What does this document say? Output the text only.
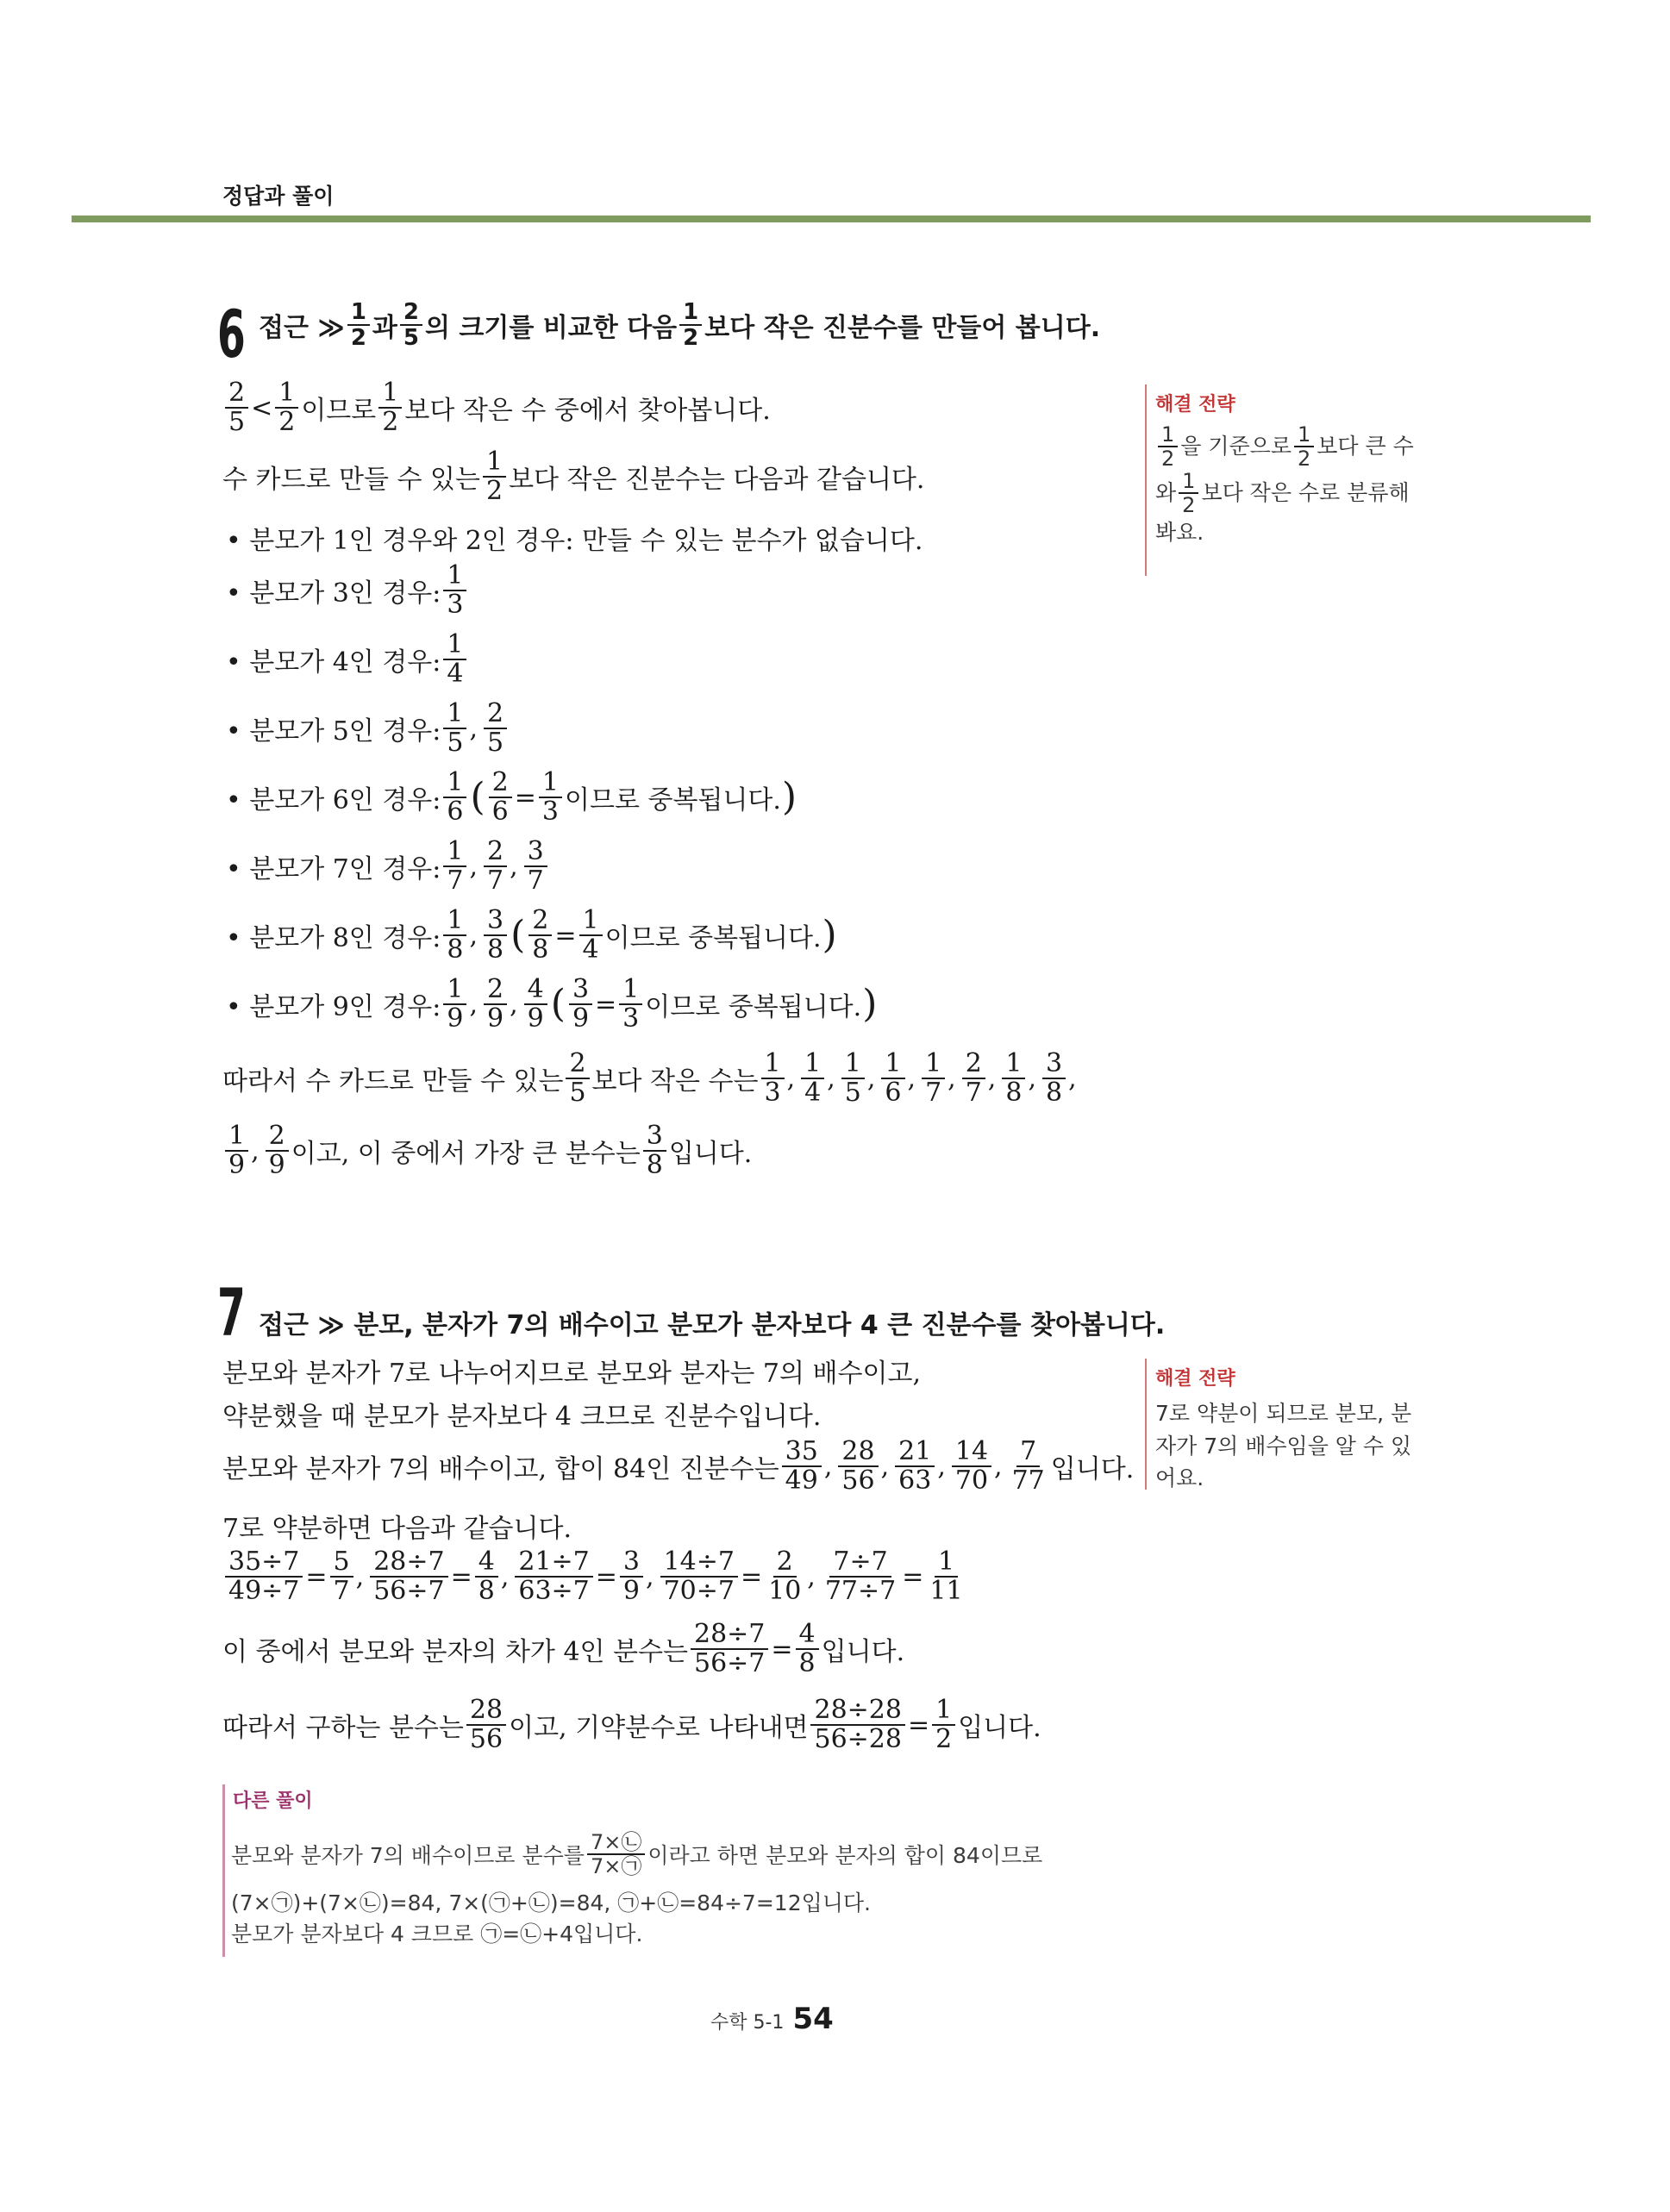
정답과 풀이
6 접근 ≫ $\frac{1}{2}$ 과 $\frac{2}{5}$ 의 크기를 비교한 다음 $\frac{1}{2}$ 보다 작은 진분수를 만들어 봅니다.
$\frac{2}{5} < \frac{1}{2}$ 이므로 $\frac{1}{2}$ 보다 작은 수 중에서 찾아봅니다.
수 카드로 만들 수 있는 $\frac{1}{2}$ 보다 작은 진분수는 다음과 같습니다.
• 분모가 1인 경우와 2인 경우: 만들 수 있는 분수가 없습니다.
• 분모가 3인 경우: $\frac{1}{3}$
• 분모가 4인 경우: $\frac{1}{4}$
• 분모가 5인 경우: $\frac{1}{5}$ , $\frac{2}{5}$
• 분모가 6인 경우: $\frac{1}{6}$ ( $\frac{2}{6} = \frac{1}{3}$ 이므로 중복됩니다. )
• 분모가 7인 경우: $\frac{1}{7}$ , $\frac{2}{7}$ , $\frac{3}{7}$
• 분모가 8인 경우: $\frac{1}{8}$ , $\frac{3}{8}$ ( $\frac{2}{8} = \frac{1}{4}$ 이므로 중복됩니다. )
• 분모가 9인 경우: $\frac{1}{9}$ , $\frac{2}{9}$ , $\frac{4}{9}$ ( $\frac{3}{9} = \frac{1}{3}$ 이므로 중복됩니다. )
따라서 수 카드로 만들 수 있는 $\frac{2}{5}$ 보다 작은 수는 $\frac{1}{3}$ , $\frac{1}{4}$ , $\frac{1}{5}$ , $\frac{1}{6}$ , $\frac{1}{7}$ , $\frac{2}{7}$ , $\frac{1}{8}$ , $\frac{3}{8}$ ,
$\frac{1}{9}$ , $\frac{2}{9}$ 이고, 이 중에서 가장 큰 분수는 $\frac{3}{8}$ 입니다.
해결 전략
$\frac{1}{2}$ 을 기준으로 $\frac{1}{2}$ 보다 큰 수
와 $\frac{1}{2}$ 보다 작은 수로 분류해
봐요.
7 접근 ≫ 분모, 분자가 7의 배수이고 분모가 분자보다 4 큰 진분수를 찾아봅니다.
분모와 분자가 7로 나누어지므로 분모와 분자는 7의 배수이고,
약분했을 때 분모가 분자보다 4 크므로 진분수입니다.
분모와 분자가 7의 배수이고, 합이 84인 진분수는 $\frac{35}{49}$ , $\frac{28}{56}$ , $\frac{21}{63}$ , $\frac{14}{70}$ , $\frac{7}{77}$ 입니다.
7로 약분하면 다음과 같습니다.
$\frac{35\div 7}{49\div 7} = \frac{5}{7}$ , $\frac{28\div 7}{56\div 7} = \frac{4}{8}$ , $\frac{21\div 7}{63\div 7} = \frac{3}{9}$ , $\frac{14\div 7}{70\div 7} = \frac{2}{10}$ , $\frac{7\div 7}{77\div 7} = \frac{1}{11}$
이 중에서 분모와 분자의 차가 4인 분수는 $\frac{28\div 7}{56\div 7} = \frac{4}{8}$ 입니다.
따라서 구하는 분수는 $\frac{28}{56}$ 이고, 기약분수로 나타내면 $\frac{28\div 28}{56\div 28} = \frac{1}{2}$ 입니다.
해결 전략
7로 약분이 되므로 분모, 분
자가 7의 배수임을 알 수 있
어요.
다른 풀이
분모와 분자가 7의 배수이므로 분수를 $\frac{7\times㉡}{7\times㉠}$ 이라고 하면 분모와 분자의 합이 84이므로
(7×㉠)+(7×㉡)=84, 7×(㉠+㉡)=84, ㉠+㉡=84÷7=12입니다.
분모가 분자보다 4 크므로 ㉠=㉡+4입니다.
수학 5-1 54
